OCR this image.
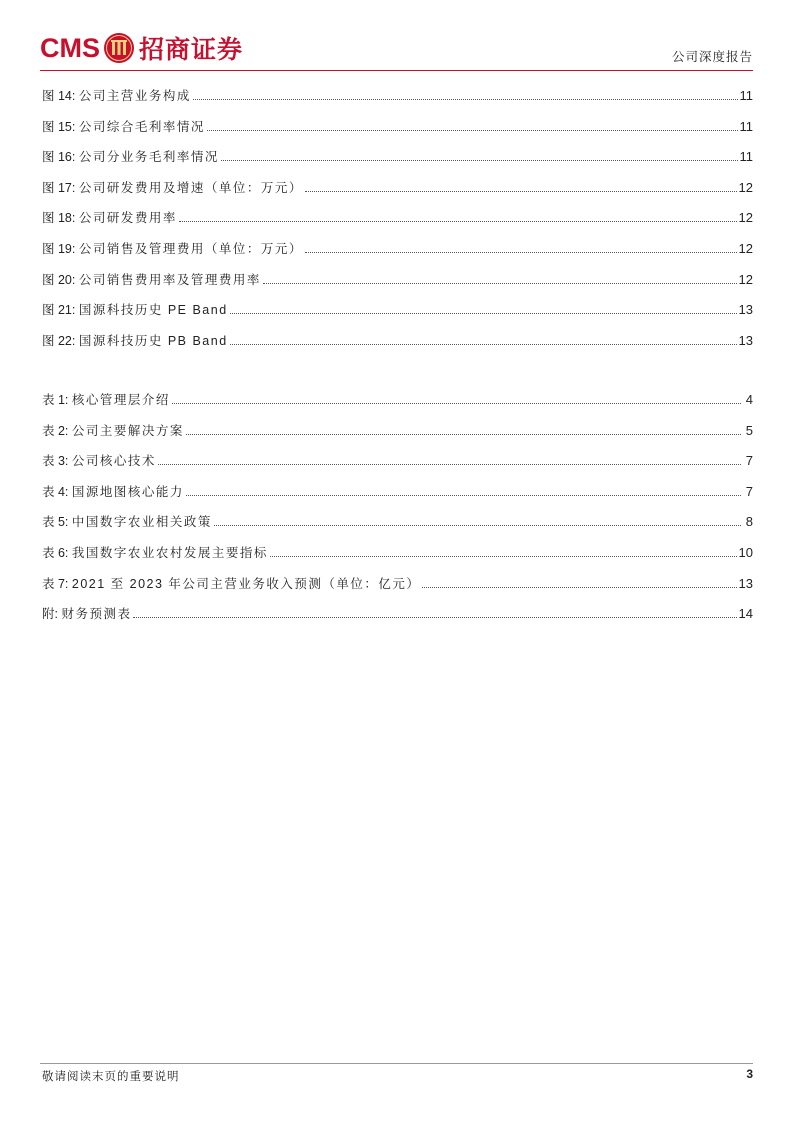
CMS 招商证券	公司深度报告
图 14: 公司主营业务构成	11
图 15: 公司综合毛利率情况	11
图 16: 公司分业务毛利率情况	11
图 17: 公司研发费用及增速（单位：万元）	12
图 18: 公司研发费用率	12
图 19: 公司销售及管理费用（单位：万元）	12
图 20: 公司销售费用率及管理费用率	12
图 21: 国源科技历史 PE Band	13
图 22: 国源科技历史 PB Band	13
表 1: 核心管理层介绍	4
表 2: 公司主要解决方案	5
表 3: 公司核心技术	7
表 4: 国源地图核心能力	7
表 5: 中国数字农业相关政策	8
表 6: 我国数字农业农村发展主要指标	10
表 7: 2021 至 2023 年公司主营业务收入预测（单位：亿元）	13
附: 财务预测表	14
敬请阅读末页的重要说明	3
